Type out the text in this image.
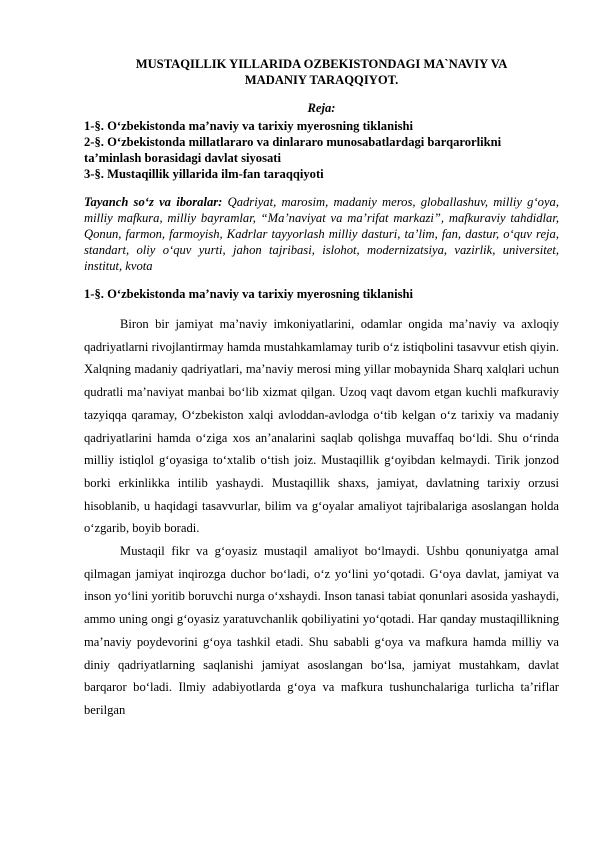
MUSTAQILLIK YILLARIDA OZBEKISTONDAGI MA`NAVIY VA
MADANIY TARAQQIYOT.
Reja:
1-§. O‘zbekistonda ma’naviy va tarixiy myerosning tiklanishi
2-§. O‘zbekistonda millatlararo va dinlararo munosabatlardagi barqarorlikni ta’minlash borasidagi davlat siyosati
3-§. Mustaqillik yillarida ilm-fan taraqqiyoti
Tayanch so‘z va iboralar: Qadriyat, marosim, madaniy meros, globallashuv, milliy g‘oya, milliy mafkura, milliy bayramlar, “Ma’naviyat va ma’rifat markazi”, mafkuraviy tahdidlar, Qonun, farmon, farmoyish, Kadrlar tayyorlash milliy dasturi, ta’lim, fan, dastur, o‘quv reja, standart, oliy o‘quv yurti, jahon tajribasi, islohot, modernizatsiya, vazirlik, universitet, institut, kvota
1-§. O‘zbekistonda ma’naviy va tarixiy myerosning tiklanishi

Biron bir jamiyat ma’naviy imkoniyatlarini, odamlar ongida ma’naviy va axloqiy qadriyatlarni rivojlantirmay hamda mustahkamlamay turib o‘z istiqbolini tasavvur etish qiyin. Xalqning madaniy qadriyatlari, ma’naviy merosi ming yillar mobaynida Sharq xalqlari uchun qudratli ma’naviyat manbai bo‘lib xizmat qilgan. Uzoq vaqt davom etgan kuchli mafkuraviy tazyiqqa qaramay, O‘zbekiston xalqi avloddan-avlodga o‘tib kelgan o‘z tarixiy va madaniy qadriyatlarini hamda o‘ziga xos an’analarini saqlab qolishga muvaffaq bo‘ldi. Shu o‘rinda milliy istiqlol g‘oyasiga to‘xtalib o‘tish joiz. Mustaqillik g‘oyibdan kelmaydi. Tirik jonzod borki erkinlikka intilib yashaydi. Mustaqillik shaxs, jamiyat, davlatning tarixiy orzusi hisoblanib, u haqidagi tasavvurlar, bilim va g‘oyalar amaliyot tajribalariga asoslangan holda o‘zgarib, boyib boradi.

Mustaqil fikr va g‘oyasiz mustaqil amaliyot bo‘lmaydi. Ushbu qonuniyatga amal qilmagan jamiyat inqirozga duchor bo‘ladi, o‘z yo‘lini yo‘qotadi. G‘oya davlat, jamiyat va inson yo‘lini yoritib boruvchi nurga o‘xshaydi. Inson tanasi tabiat qonunlari asosida yashaydi, ammo uning ongi g‘oyasiz yaratuvchanlik qobiliyatini yo‘qotadi. Har qanday mustaqillikning ma’naviy poydevorini g‘oya tashkil etadi. Shu sababli g‘oya va mafkura hamda milliy va diniy qadriyatlarning saqlanishi jamiyat asoslangan bo‘lsa, jamiyat mustahkam, davlat barqaror bo‘ladi. Ilmiy adabiyotlarda g‘oya va mafkura tushunchalariga turlicha ta’riflar berilgan
